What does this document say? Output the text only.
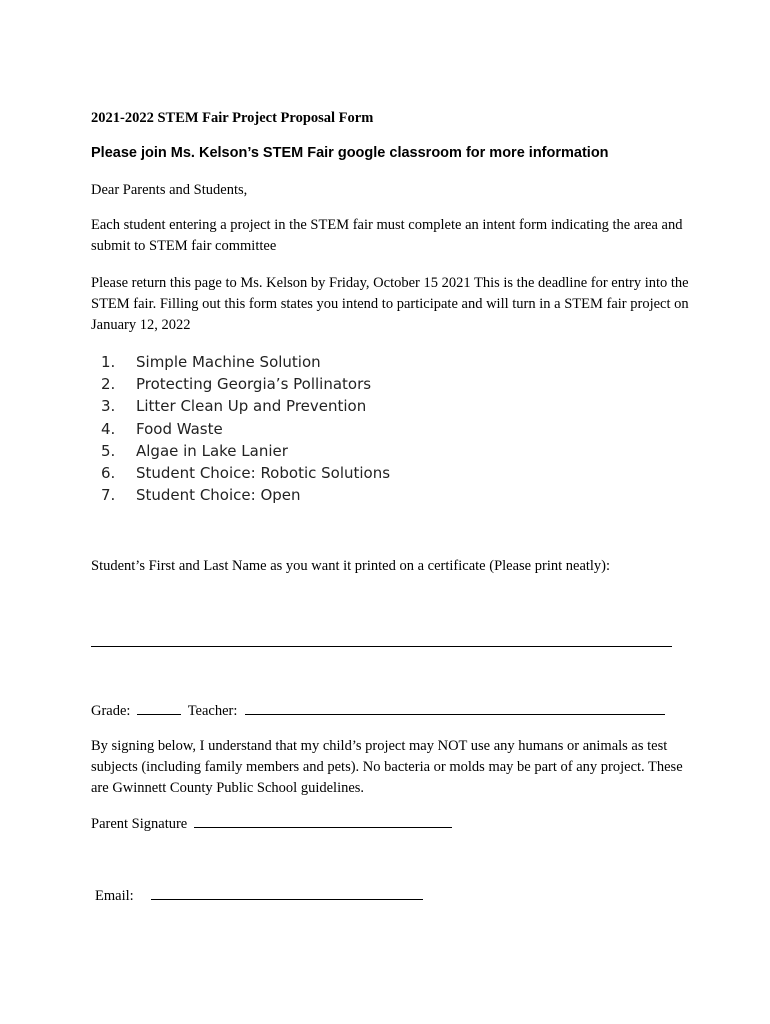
2021-2022 STEM Fair Project Proposal Form
Please join Ms. Kelson’s STEM Fair google classroom for more information
Dear Parents and Students,
Each student entering a project in the STEM fair must complete an intent form indicating the area and submit to STEM fair committee
Please return this page to Ms. Kelson by Friday, October 15 2021 This is the deadline for entry into the STEM fair. Filling out this form states you intend to participate and will turn in a STEM fair project on January 12, 2022
1.	Simple Machine Solution
2.	Protecting Georgia’s Pollinators
3.	Litter Clean Up and Prevention
4.	Food Waste
5.	Algae in Lake Lanier
6.	Student Choice: Robotic Solutions
7.	Student Choice: Open
Student’s First and Last Name as you want it printed on a certificate (Please print neatly):
Grade:	Teacher:
By signing below, I understand that my child’s project may NOT use any humans or animals as test subjects (including family members and pets). No bacteria or molds may be part of any project. These are Gwinnett County Public School guidelines.
Parent Signature
Email:
